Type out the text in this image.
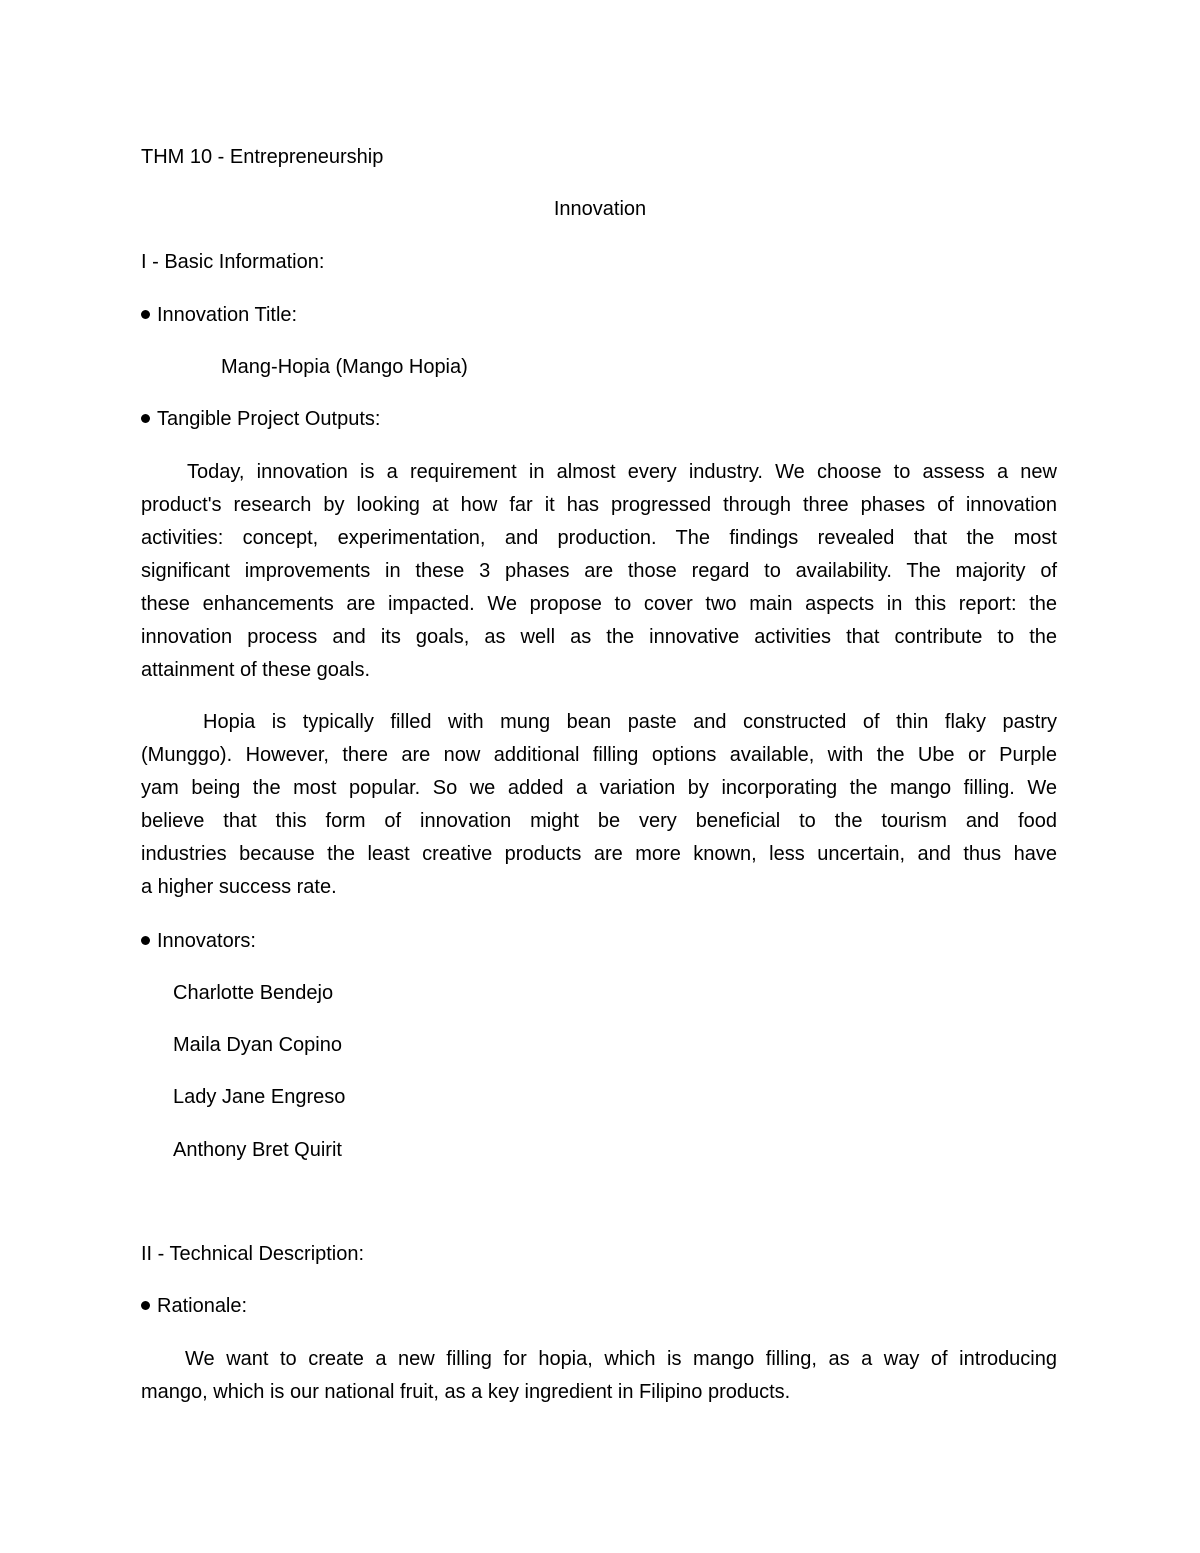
THM 10 - Entrepreneurship
Innovation
I - Basic Information:
Innovation Title:
Mang-Hopia (Mango Hopia)
Tangible Project Outputs:
Today, innovation is a requirement in almost every industry. We choose to assess a new
product's research by looking at how far it has progressed through three phases of innovation
activities: concept, experimentation, and production. The findings revealed that the most
significant improvements in these 3 phases are those regard to availability. The majority of
these enhancements are impacted. We propose to cover two main aspects in this report: the
innovation process and its goals, as well as the innovative activities that contribute to the
attainment of these goals.
Hopia is typically filled with mung bean paste and constructed of thin flaky pastry
(Munggo). However, there are now additional filling options available, with the Ube or Purple
yam being the most popular. So we added a variation by incorporating the mango filling. We
believe that this form of innovation might be very beneficial to the tourism and food
industries because the least creative products are more known, less uncertain, and thus have
a higher success rate.
Innovators:
Charlotte Bendejo
Maila Dyan Copino
Lady Jane Engreso
Anthony Bret Quirit
II - Technical Description:
Rationale:
We want to create a new filling for hopia, which is mango filling, as a way of introducing
mango, which is our national fruit, as a key ingredient in Filipino products.
